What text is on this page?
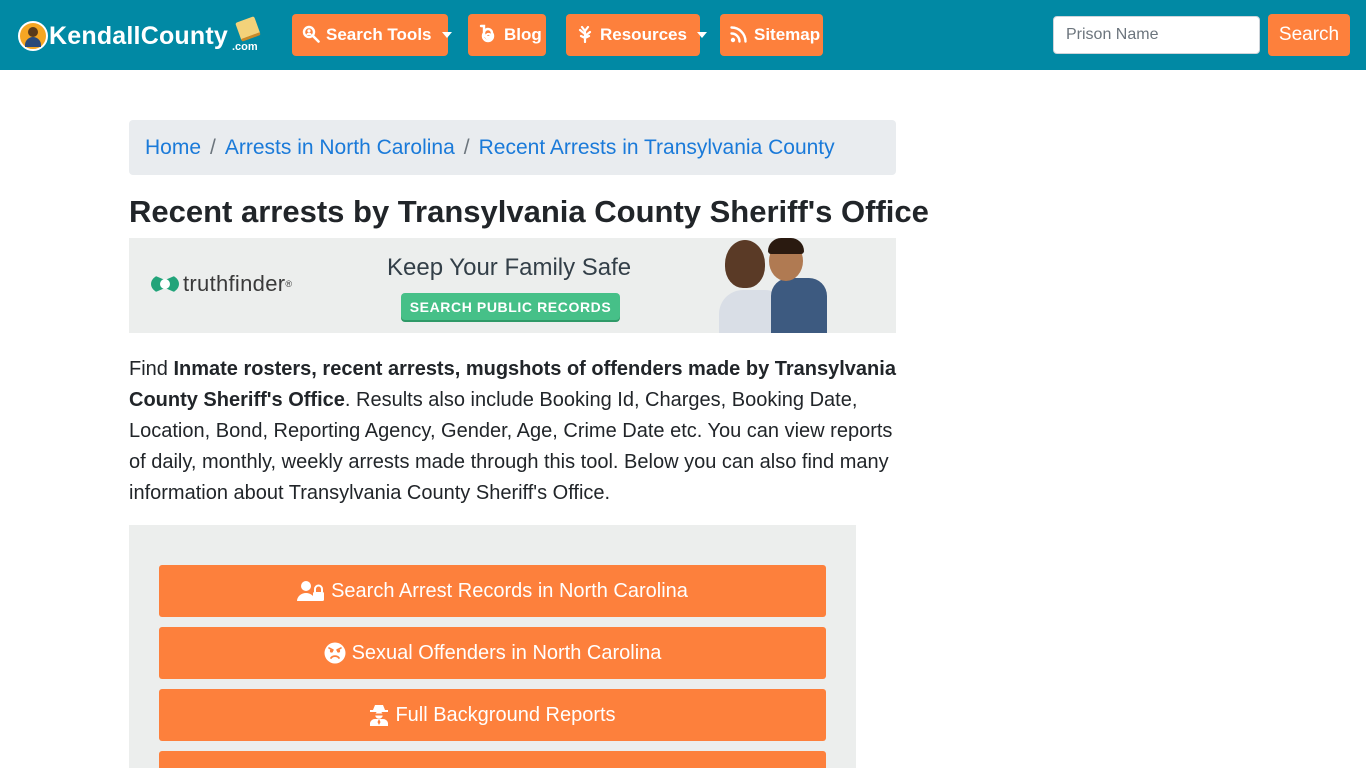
KendallCounty .com
Search Tools	Blog	Resources	Sitemap
Prison Name	Search
Home / Arrests in North Carolina / Recent Arrests in Transylvania County
Recent arrests by Transylvania County Sheriff's Office
truthfinder ®
Keep Your Family Safe
SEARCH PUBLIC RECORDS

Find Inmate rosters, recent arrests, mugshots of offenders made by Transylvania County Sheriff's Office. Results also include Booking Id, Charges, Booking Date, Location, Bond, Reporting Agency, Gender, Age, Crime Date etc. You can view reports of daily, monthly, weekly arrests made through this tool. Below you can also find many information about Transylvania County Sheriff's Office.

Search Arrest Records in North Carolina
Sexual Offenders in North Carolina
Full Background Reports
